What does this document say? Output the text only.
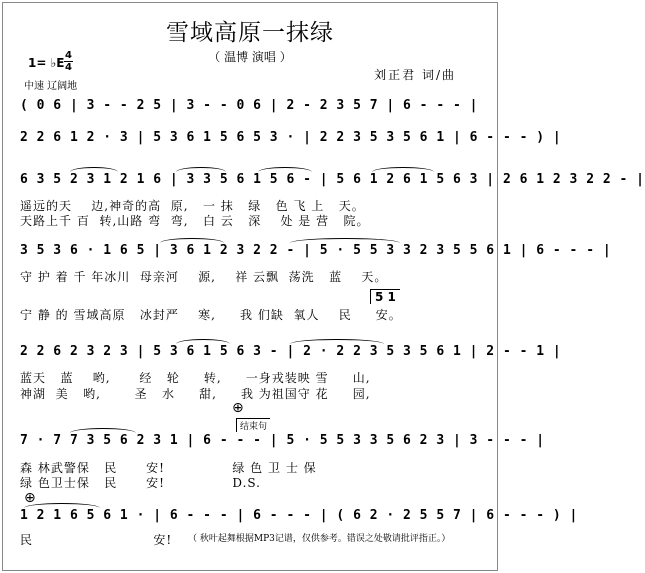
雪域高原一抹绿
（ 温博 演唱 ）
刘正君 词/曲
1= ♭E
4
4
中速 辽阔地
( 0 6 | 3 - - 2 5 | 3 - - 0 6 | 2 - 2 3 5 7 | 6 - - - |
2 2 6 1 2 · 3 | 5 3 6 1 5 6 5 3 · | 2 2 3 5 3 5 6 1 | 6 - - - ) |
6 3 5 2 3 1 2 1 6 | 3 3 5 6 1 5 6 - | 5 6 1 2 6 1 5 6 3 | 2 6 1 2 3 2 2 - |
遥远的天    边,神奇的高  原,   一 抹   绿   色 飞 上   天。
天路上千 百  转,山路 弯  弯,   白 云   深    处 是 营   院。
3 5 3 6 · 1 6 5 | 3 6 1 2 3 2 2 - | 5 · 5 5 3 3 2 3 5 5 6 1 | 6 - - - |
守 护 着 千 年冰川  母亲河    源,    祥 云飘  荡洗   蓝    天。
5 1
宁 静 的 雪域高原   冰封严    寒,     我 们缺  氧人    民     安。
2 2 6 2 3 2 3 | 5 3 6 1 5 6 3 - | 2 · 2 2 3 5 3 5 6 1 | 2 - - 1 |
蓝天   蓝    哟,      经   轮     转,     一身戎装映 雪     山,
神湖  美   哟,       圣   水     甜,     我 为祖国守 花     园,
⊕
结束句
7 · 7 7 3 5 6 2 3 1 | 6 - - - | 5 · 5 5 3 3 5 6 2 3 | 3 - - - |
森 林武警保   民      安!              绿 色 卫 士 保
绿 色卫士保   民      安!              D.S.
⊕
1 2 1 6 5 6 1 · | 6 - - - | 6 - - - | ( 6 2 · 2 5 5 7 | 6 - - - ) |
民                         安! （ 秋叶起舞根据MP3记谱，仅供参考。错误之处敬请批评指正。）
